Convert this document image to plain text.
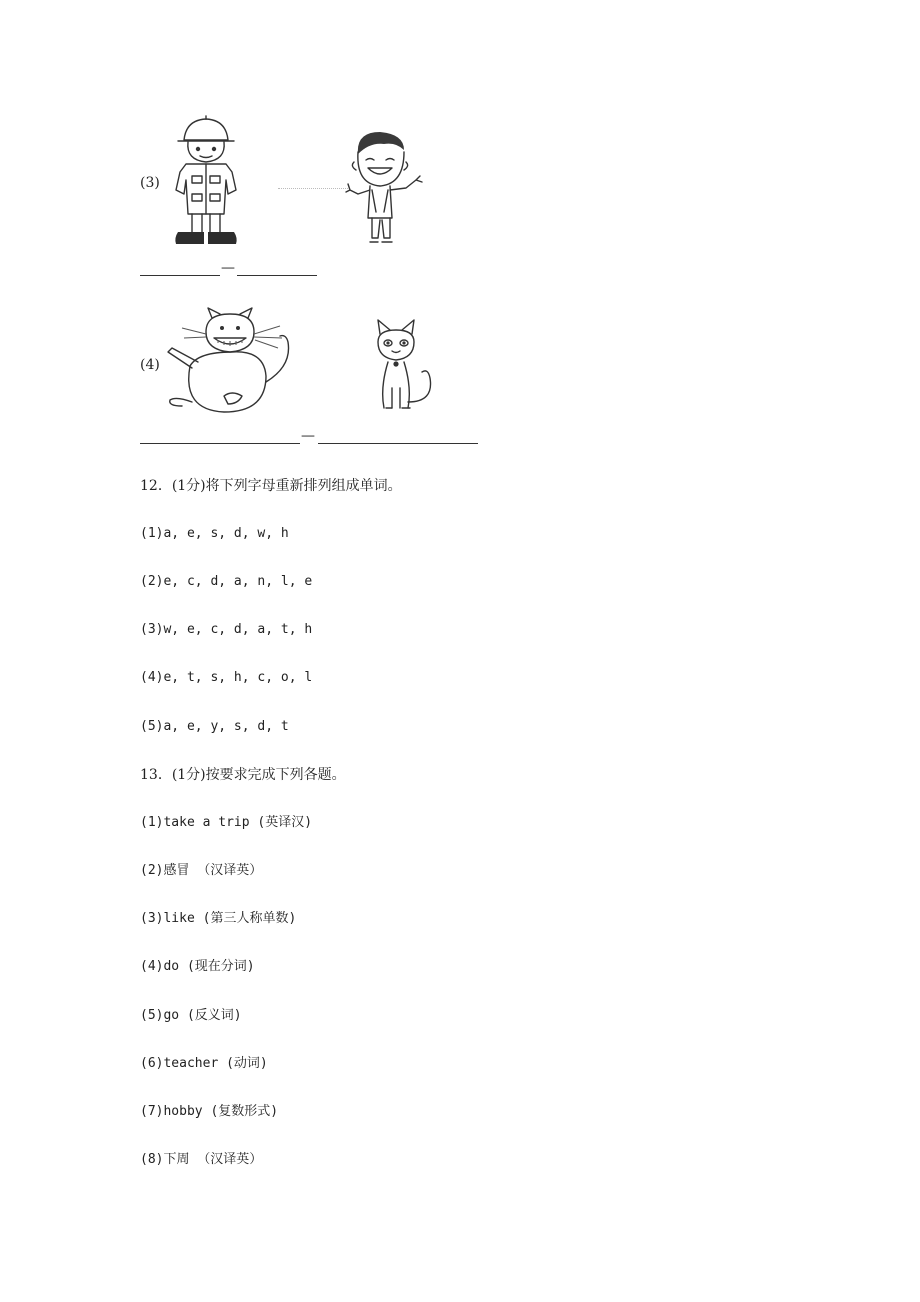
(3)
—
(4)
—
12．(1分)将下列字母重新排列组成单词。
(1)a, e, s, d, w, h
(2)e, c, d, a, n, l, e
(3)w, e, c, d, a, t, h
(4)e, t, s, h, c, o, l
(5)a, e, y, s, d, t
13．(1分)按要求完成下列各题。
(1)take a trip (英译汉)
(2)感冒 （汉译英）
(3)like (第三人称单数)
(4)do (现在分词)
(5)go (反义词)
(6)teacher (动词)
(7)hobby (复数形式)
(8)下周 （汉译英）
